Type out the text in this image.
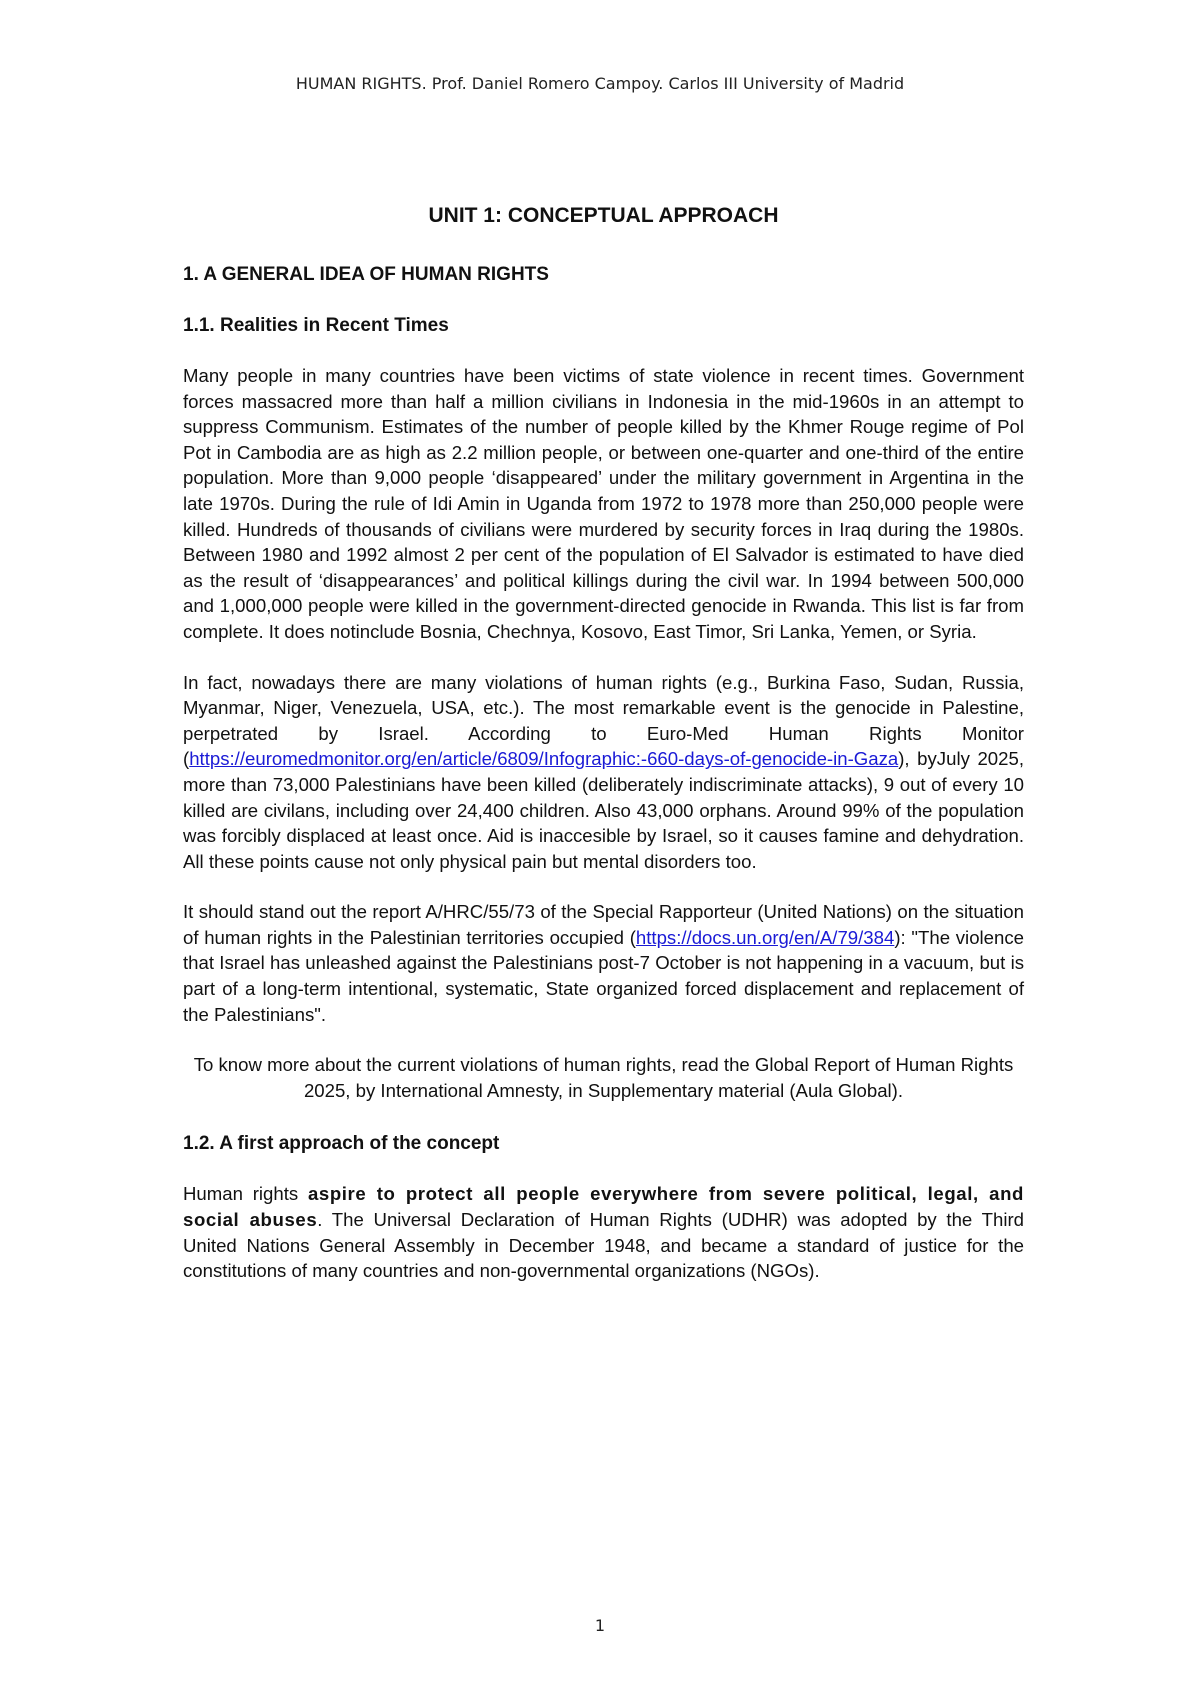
HUMAN RIGHTS. Prof. Daniel Romero Campoy. Carlos III University of Madrid
UNIT 1: CONCEPTUAL APPROACH
1. A GENERAL IDEA OF HUMAN RIGHTS
1.1. Realities in Recent Times

Many people in many countries have been victims of state violence in recent times. Government forces massacred more than half a million civilians in Indonesia in the mid-1960s in an attempt to suppress Communism. Estimates of the number of people killed by the Khmer Rouge regime of Pol Pot in Cambodia are as high as 2.2 million people, or between one-quarter and one-third of the entire population. More than 9,000 people ‘disappeared’ under the military government in Argentina in the late 1970s. During the rule of Idi Amin in Uganda from 1972 to 1978 more than 250,000 people were killed. Hundreds of thousands of civilians were murdered by security forces in Iraq during the 1980s. Between 1980 and 1992 almost 2 per cent of the population of El Salvador is estimated to have died as the result of ‘disappearances’ and political killings during the civil war. In 1994 between 500,000 and 1,000,000 people were killed in the government-directed genocide in Rwanda. This list is far from complete. It does notinclude Bosnia, Chechnya, Kosovo, East Timor, Sri Lanka, Yemen, or Syria.

In fact, nowadays there are many violations of human rights (e.g., Burkina Faso, Sudan, Russia, Myanmar, Niger, Venezuela, USA, etc.). The most remarkable event is the genocide in Palestine, perpetrated by Israel. According to Euro-Med Human Rights Monitor (https://euromedmonitor.org/en/article/6809/Infographic:-660-days-of-genocide-in-Gaza), byJuly 2025, more than 73,000 Palestinians have been killed (deliberately indiscriminate attacks), 9 out of every 10 killed are civilans, including over 24,400 children. Also 43,000 orphans. Around 99% of the population was forcibly displaced at least once. Aid is inaccesible by Israel, so it causes famine and dehydration. All these points cause not only physical pain but mental disorders too.

It should stand out the report A/HRC/55/73 of the Special Rapporteur (United Nations) on the situation of human rights in the Palestinian territories occupied (https://docs.un.org/en/A/79/384): "The violence that Israel has unleashed against the Palestinians post-7 October is not happening in a vacuum, but is part of a long-term intentional, systematic, State organized forced displacement and replacement of the Palestinians".

To know more about the current violations of human rights, read the Global Report of Human Rights 2025, by International Amnesty, in Supplementary material (Aula Global).

1.2. A first approach of the concept

Human rights aspire to protect all people everywhere from severe political, legal, and social abuses. The Universal Declaration of Human Rights (UDHR) was adopted by the Third United Nations General Assembly in December 1948, and became a standard of justice for the constitutions of many countries and non-governmental organizations (NGOs).

1
